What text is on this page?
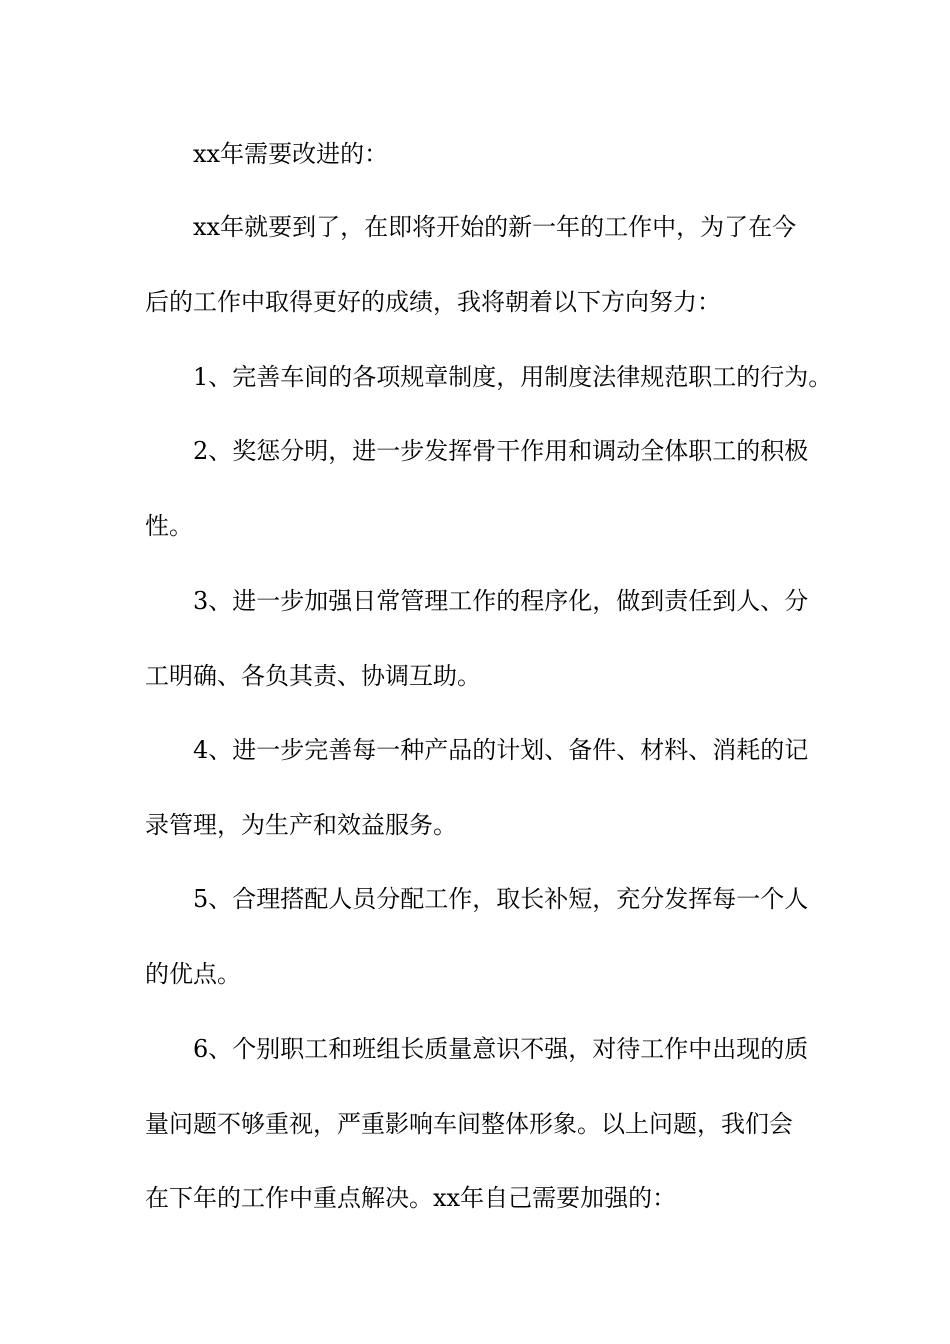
xx年需要改进的：
xx年就要到了，在即将开始的新一年的工作中，为了在今
后的工作中取得更好的成绩，我将朝着以下方向努力：
1、完善车间的各项规章制度，用制度法律规范职工的行为。
2、奖惩分明，进一步发挥骨干作用和调动全体职工的积极
性。
3、进一步加强日常管理工作的程序化，做到责任到人、分
工明确、各负其责、协调互助。
4、进一步完善每一种产品的计划、备件、材料、消耗的记
录管理，为生产和效益服务。
5、合理搭配人员分配工作，取长补短，充分发挥每一个人
的优点。
6、个别职工和班组长质量意识不强，对待工作中出现的质
量问题不够重视，严重影响车间整体形象。以上问题，我们会
在下年的工作中重点解决。xx年自己需要加强的：
